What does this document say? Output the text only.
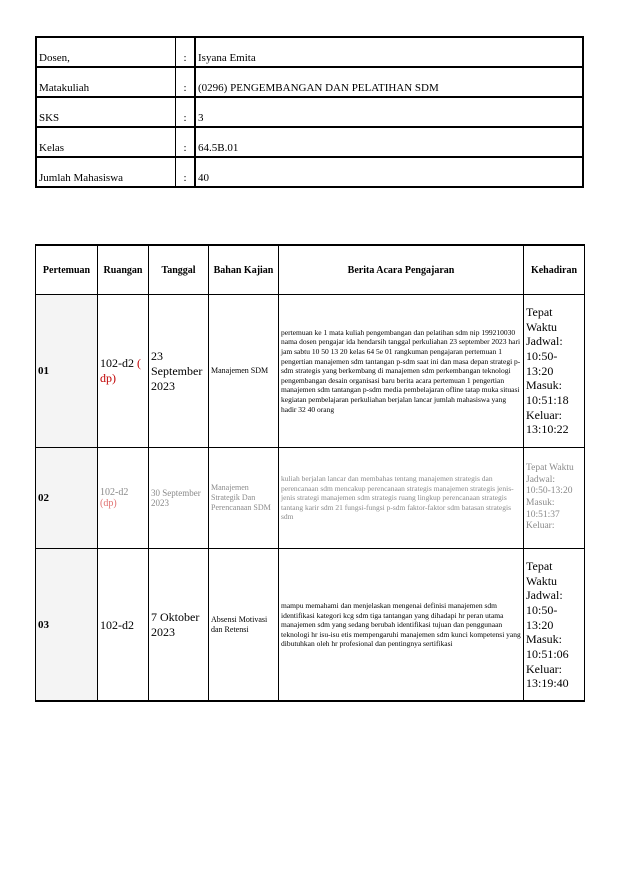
Dosen,	:	Isyana Emita
Matakuliah	:	(0296) PENGEMBANGAN DAN PELATIHAN SDM
SKS	:	3
Kelas	:	64.5B.01
Jumlah Mahasiswa	:	40
Pertemuan	Ruangan	Tanggal	Bahan Kajian	Berita Acara Pengajaran	Kehadiran
01	102-d2 ( dp)	23 September 2023	Manajemen SDM	pertemuan ke 1 mata kuliah pengembangan dan pelatihan sdm nip 199210030 nama dosen pengajar ida hendarsih tanggal perkuliahan 23 september 2023 hari jam sabtu 10 50 13 20 kelas 64 5e 01 rangkuman pengajaran pertemuan 1 pengertian manajemen sdm tantangan p-sdm saat ini dan masa depan strategi p-sdm strategis yang berkembang di manajemen sdm perkembangan teknologi pengembangan desain organisasi baru berita acara pertemuan 1 pengertian manajemen sdm tantangan p-sdm media pembelajaran ofline tatap muka situasi kegiatan pembelajaran perkuliahan berjalan lancar jumlah mahasiswa yang hadir 32 40 orang	Tepat Waktu Jadwal: 10:50-13:20 Masuk: 10:51:18 Keluar: 13:10:22
02	102-d2 (dp)	30 September 2023	Manajemen Strategik Dan Perencanaan SDM	kuliah berjalan lancar dan membahas tentang manajemen strategis dan perencanaan sdm mencakup perencanaan strategis manajemen strategis jenis-jenis strategi manajemen sdm strategis ruang lingkup perencanaan strategis tantang karir sdm 21 fungsi-fungsi p-sdm faktor-faktor sdm batasan strategis sdm	Tepat Waktu Jadwal: 10:50-13:20 Masuk: 10:51:37 Keluar:
03	102-d2	7 Oktober 2023	Absensi Motivasi dan Retensi	mampu memahami dan menjelaskan mengenai definisi manajemen sdm identifikasi kategori kcg sdm tiga tantangan yang dihadapi hr peran utama manajemen sdm yang sedang berubah identifikasi tujuan dan penggunaan teknologi hr isu-isu etis mempengaruhi manajemen sdm kunci kompetensi yang dibutuhkan oleh hr profesional dan pentingnya sertifikasi	Tepat Waktu Jadwal: 10:50-13:20 Masuk: 10:51:06 Keluar: 13:19:40
